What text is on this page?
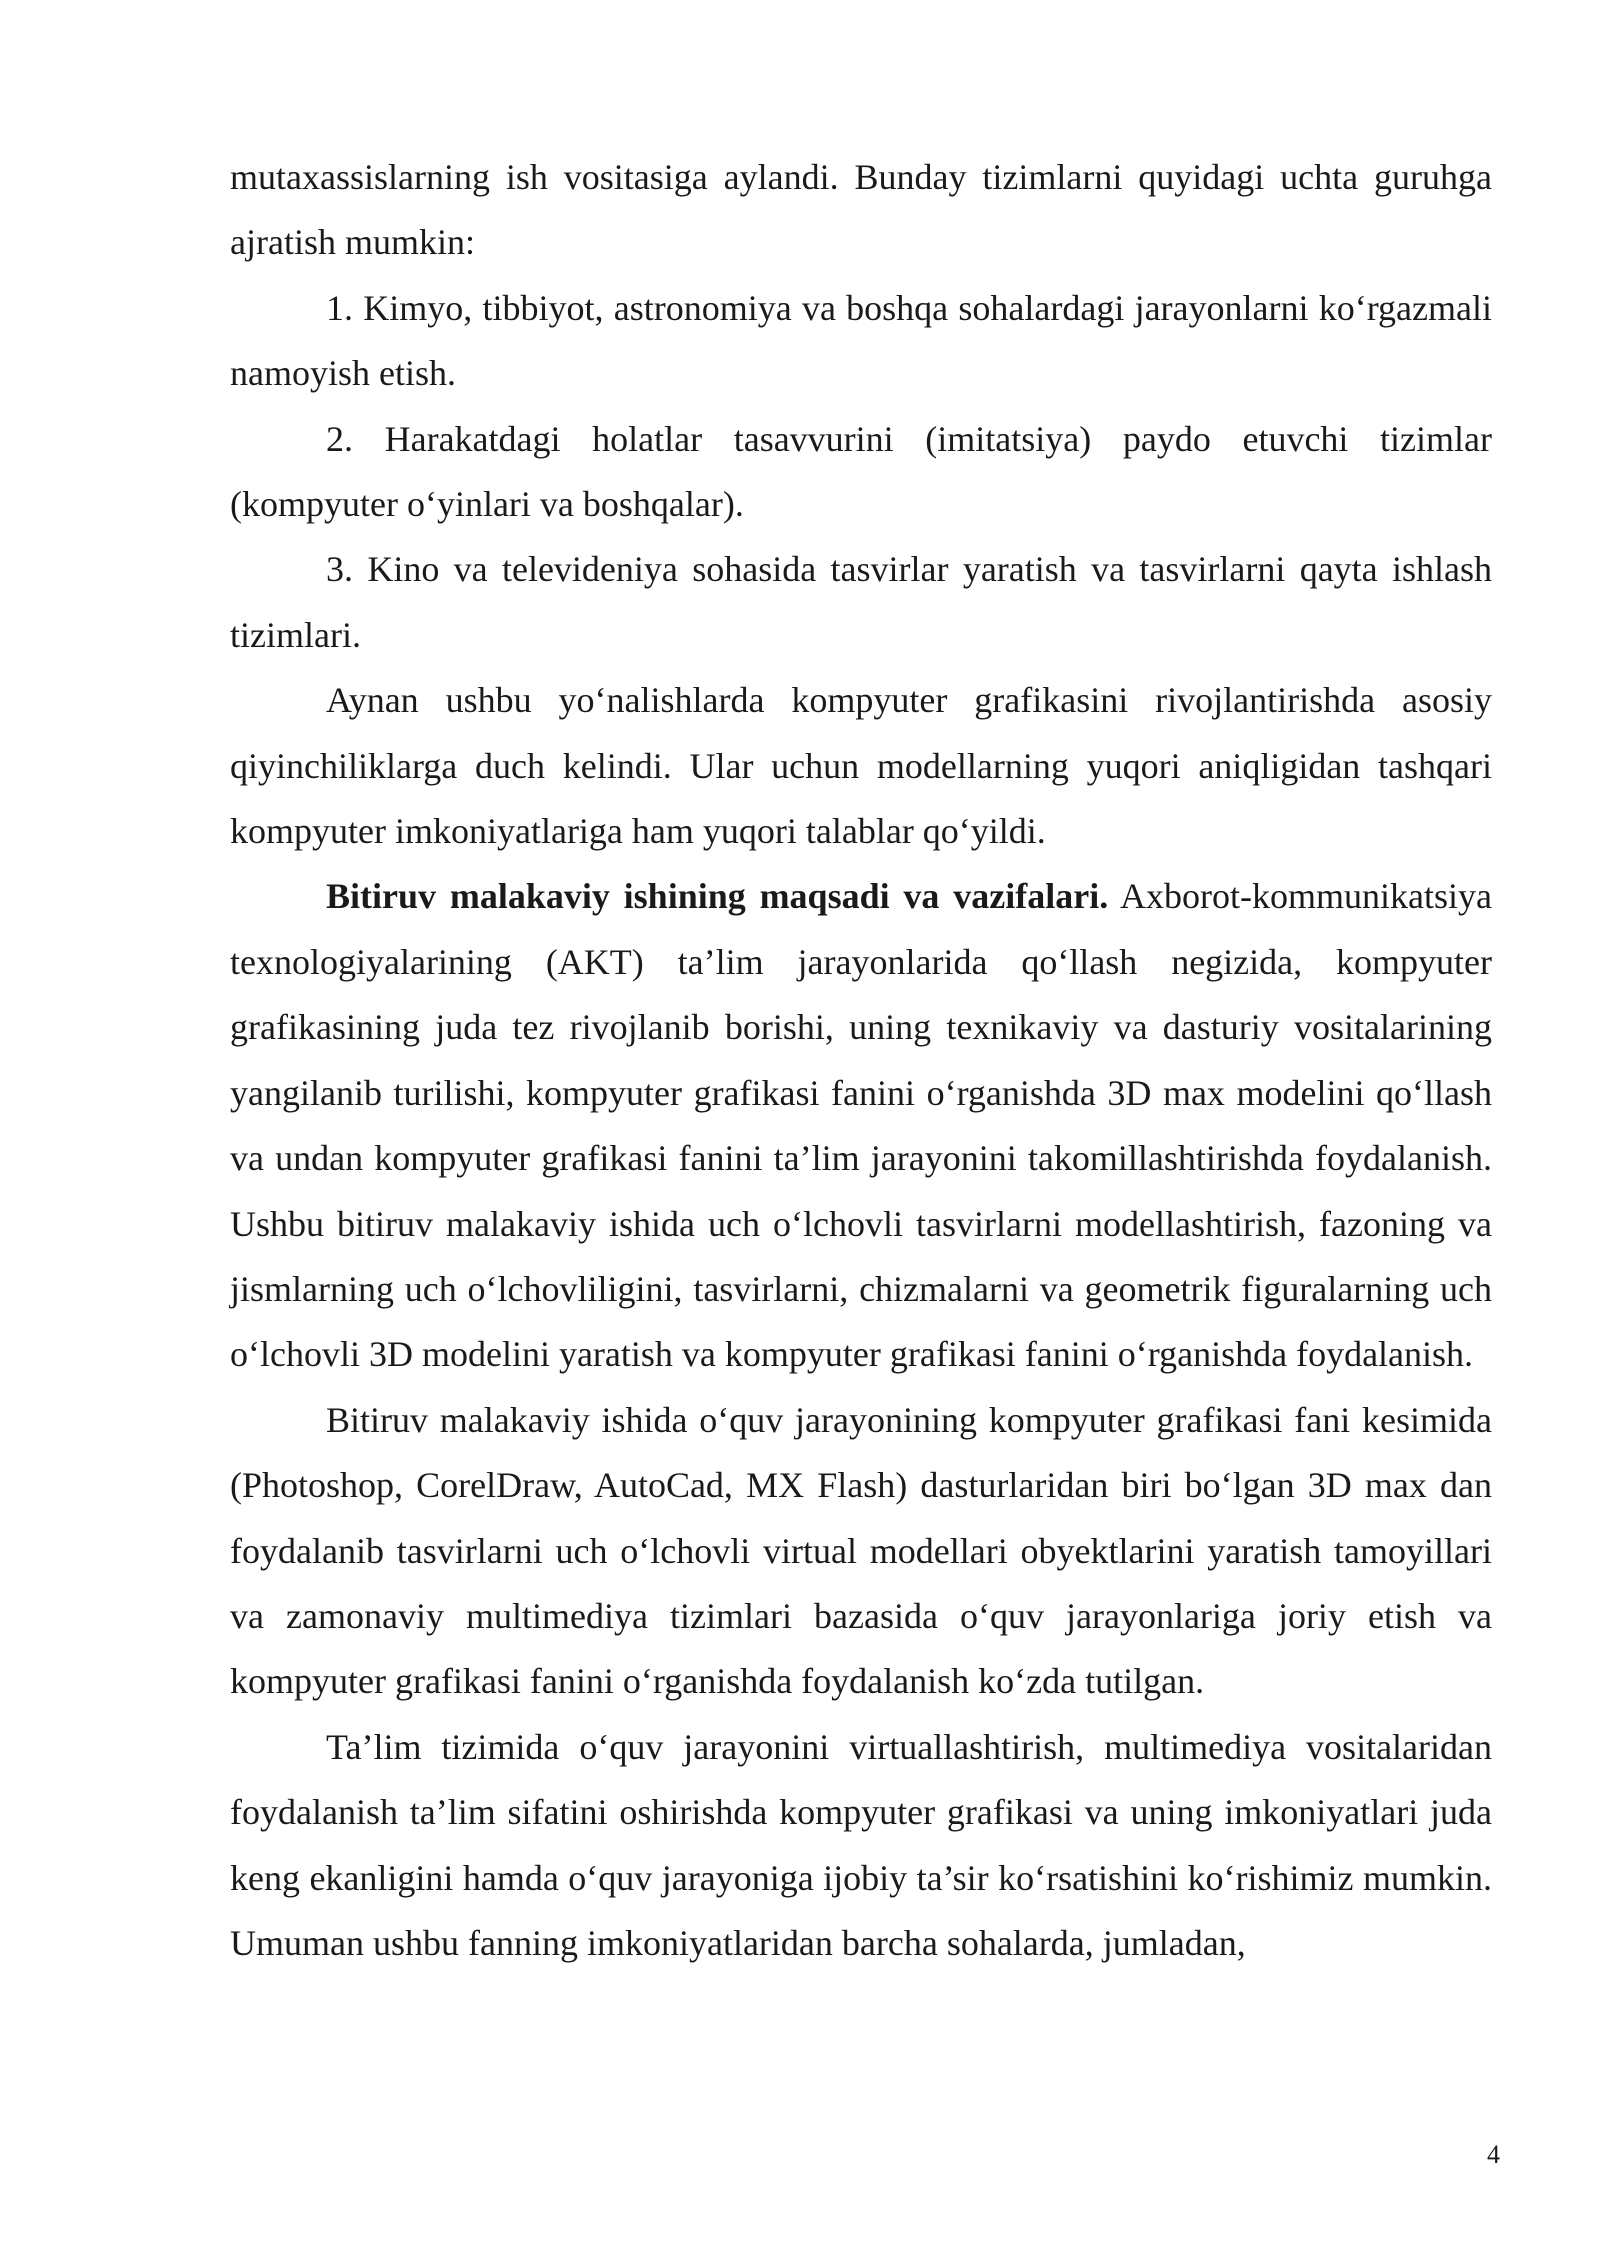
mutaxassislarning ish vositasiga aylandi. Bunday tizimlarni quyidagi uchta guruhga ajratish mumkin:

1. Kimyo, tibbiyot, astronomiya va boshqa sohalardagi jarayonlarni koʻrgazmali namoyish etish.

2. Harakatdagi holatlar tasavvurini (imitatsiya) paydo etuvchi tizimlar (kompyuter oʻyinlari va boshqalar).

3. Kino va televideniya sohasida tasvirlar yaratish va tasvirlarni qayta ishlash tizimlari.

Aynan ushbu yoʻnalishlarda kompyuter grafikasini rivojlantirishda asosiy qiyinchiliklarga duch kelindi. Ular uchun modellarning yuqori aniqligidan tashqari kompyuter imkoniyatlariga ham yuqori talablar qoʻyildi.

Bitiruv malakaviy ishining maqsadi va vazifalari. Axborot-kommunikatsiya texnologiyalarining (AKT) ta’lim jarayonlarida qoʻllash negizida, kompyuter grafikasining juda tez rivojlanib borishi, uning texnikaviy va dasturiy vositalarining yangilanib turilishi, kompyuter grafikasi fanini oʻrganishda 3D max modelini qoʻllash va undan kompyuter grafikasi fanini ta’lim jarayonini takomillashtirishda foydalanish. Ushbu bitiruv malakaviy ishida uch oʻlchovli tasvirlarni modellashtirish, fazoning va jismlarning uch oʻlchovliligini, tasvirlarni, chizmalarni va geometrik figuralarning uch oʻlchovli 3D modelini yaratish va kompyuter grafikasi fanini oʻrganishda foydalanish.

Bitiruv malakaviy ishida oʻquv jarayonining kompyuter grafikasi fani kesimida (Photoshop, CorelDraw, AutoCad, MX Flash) dasturlaridan biri boʻlgan 3D max dan foydalanib tasvirlarni uch oʻlchovli virtual modellari obyektlarini yaratish tamoyillari va zamonaviy multimediya tizimlari bazasida oʻquv jarayonlariga joriy etish va kompyuter grafikasi fanini oʻrganishda foydalanish koʻzda tutilgan.

Ta’lim tizimida oʻquv jarayonini virtuallashtirish, multimediya vositalaridan foydalanish ta’lim sifatini oshirishda kompyuter grafikasi va uning imkoniyatlari juda keng ekanligini hamda oʻquv jarayoniga ijobiy ta’sir koʻrsatishini koʻrishimiz mumkin. Umuman ushbu fanning imkoniyatlaridan barcha sohalarda, jumladan,

4
